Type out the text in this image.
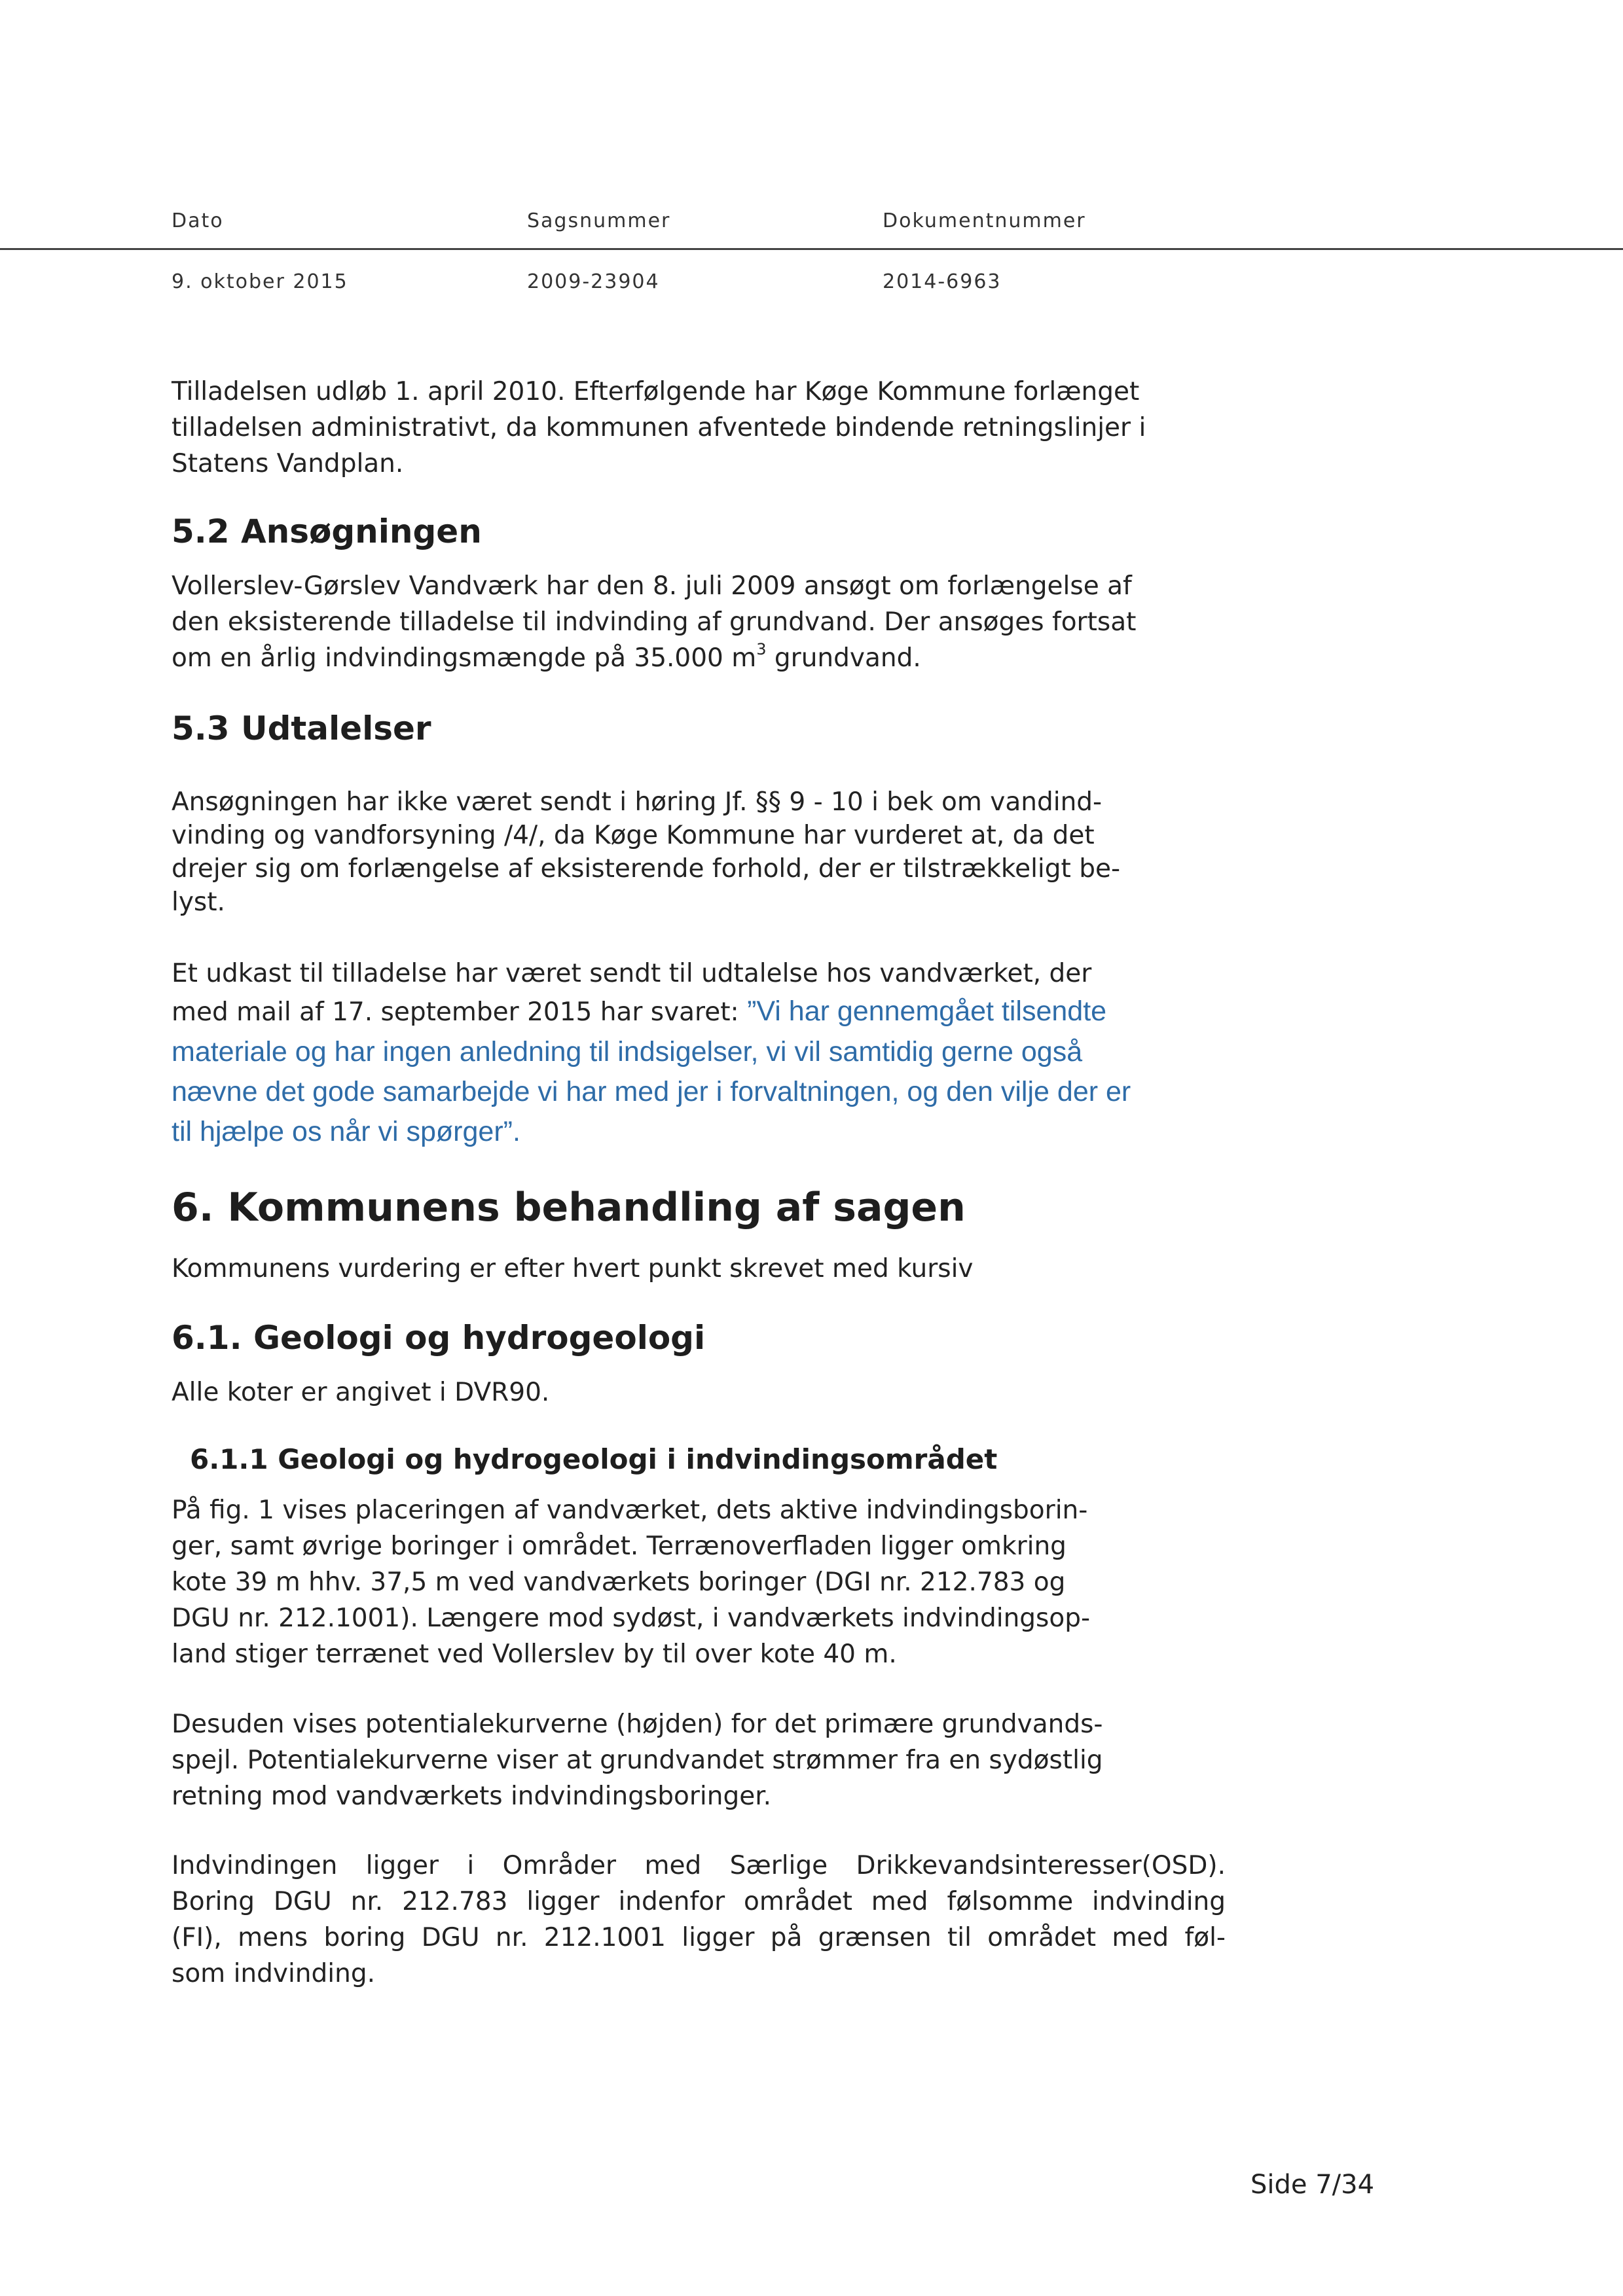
Dato	Sagsnummer	Dokumentnummer
9. oktober 2015	2009-23904	2014-6963

Tilladelsen udløb 1. april 2010. Efterfølgende har Køge Kommune forlænget

tilladelsen administrativt, da kommunen afventede bindende retningslinjer i

Statens Vandplan.

5.2 Ansøgningen

Vollerslev-Gørslev Vandværk har den 8. juli 2009 ansøgt om forlængelse af

den eksisterende tilladelse til indvinding af grundvand. Der ansøges fortsat

om en årlig indvindingsmængde på 35.000 $m^3$ grundvand.

5.3 Udtalelser

Ansøgningen har ikke været sendt i høring Jf. §§ 9 - 10 i bek om vandind-

vinding og vandforsyning /4/, da Køge Kommune har vurderet at, da det

drejer sig om forlængelse af eksisterende forhold, der er tilstrækkeligt be-

lyst.

Et udkast til tilladelse har været sendt til udtalelse hos vandværket, der

med mail af 17. september 2015 har svaret: ”Vi har gennemgået tilsendte

materiale og har ingen anledning til indsigelser, vi vil samtidig gerne også

nævne det gode samarbejde vi har med jer i forvaltningen, og den vilje der er

til hjælpe os når vi spørger”.

6. Kommunens behandling af sagen

Kommunens vurdering er efter hvert punkt skrevet med kursiv

6.1. Geologi og hydrogeologi

Alle koter er angivet i DVR90.

6.1.1 Geologi og hydrogeologi i indvindingsområdet

På fig. 1 vises placeringen af vandværket, dets aktive indvindingsborin-

ger, samt øvrige boringer i området. Terrænoverfladen ligger omkring

kote 39 m hhv. 37,5 m ved vandværkets boringer (DGI nr. 212.783 og

DGU nr. 212.1001). Længere mod sydøst, i vandværkets indvindingsop-

land stiger terrænet ved Vollerslev by til over kote 40 m.

Desuden vises potentialekurverne (højden) for det primære grundvands-

spejl. Potentialekurverne viser at grundvandet strømmer fra en sydøstlig

retning mod vandværkets indvindingsboringer.

Indvindingen ligger i Områder med Særlige Drikkevandsinteresser(OSD).

Boring DGU nr. 212.783 ligger indenfor området med følsomme indvinding

(FI), mens boring DGU nr. 212.1001 ligger på grænsen til området med føl-

som indvinding.

Side 7/34
